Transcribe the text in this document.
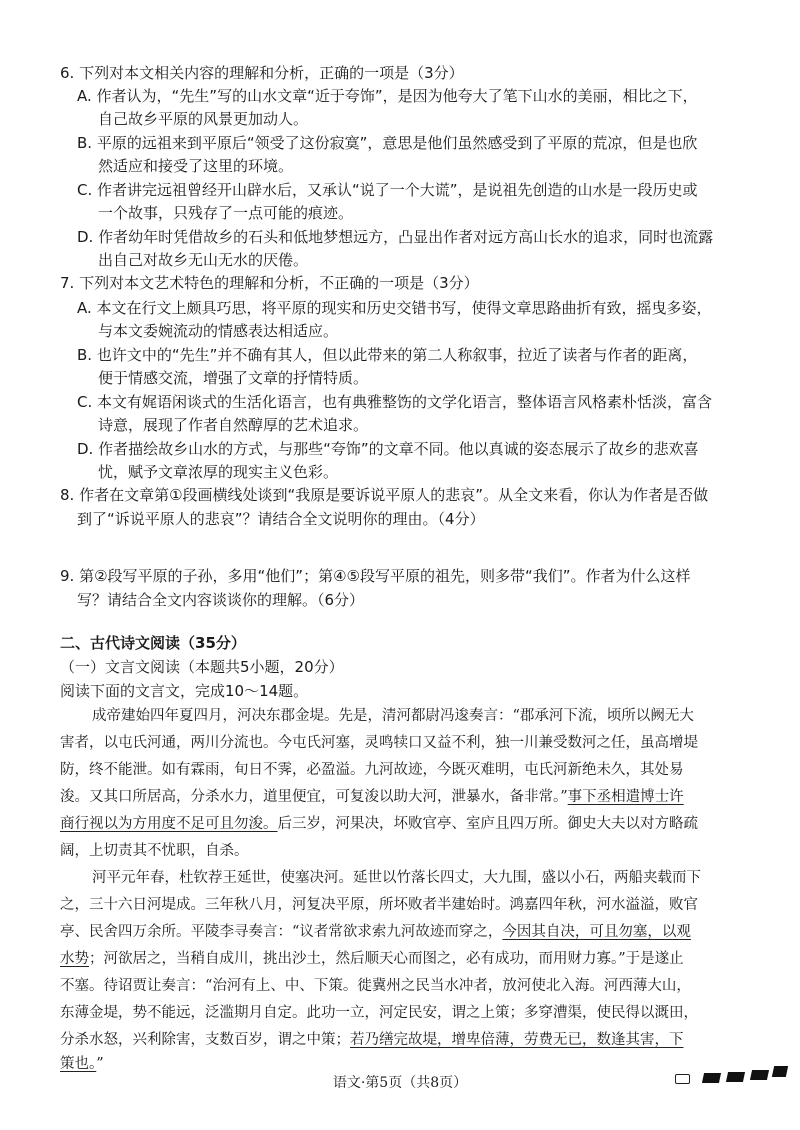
6. 下列对本文相关内容的理解和分析，正确的一项是（3分）
A. 作者认为，“先生”写的山水文章“近于夸饰”，是因为他夸大了笔下山水的美丽，相比之下，
自己故乡平原的风景更加动人。
B. 平原的远祖来到平原后“领受了这份寂寞”，意思是他们虽然感受到了平原的荒凉，但是也欣
然适应和接受了这里的环境。
C. 作者讲完远祖曾经开山辟水后，又承认“说了一个大谎”，是说祖先创造的山水是一段历史或
一个故事，只残存了一点可能的痕迹。
D. 作者幼年时凭借故乡的石头和低地梦想远方，凸显出作者对远方高山长水的追求，同时也流露
出自己对故乡无山无水的厌倦。
7. 下列对本文艺术特色的理解和分析，不正确的一项是（3分）
A. 本文在行文上颇具巧思，将平原的现实和历史交错书写，使得文章思路曲折有致，摇曳多姿，
与本文委婉流动的情感表达相适应。
B. 也许文中的“先生”并不确有其人，但以此带来的第二人称叙事，拉近了读者与作者的距离，
便于情感交流，增强了文章的抒情特质。
C. 本文有娓语闲谈式的生活化语言，也有典雅整饬的文学化语言，整体语言风格素朴恬淡，富含
诗意，展现了作者自然醇厚的艺术追求。
D. 作者描绘故乡山水的方式，与那些“夸饰”的文章不同。他以真诚的姿态展示了故乡的悲欢喜
忧，赋予文章浓厚的现实主义色彩。
8. 作者在文章第①段画横线处谈到“我原是要诉说平原人的悲哀”。从全文来看，你认为作者是否做
到了“诉说平原人的悲哀”？请结合全文说明你的理由。（4分）
9. 第②段写平原的子孙，多用“他们”；第④⑤段写平原的祖先，则多带“我们”。作者为什么这样
写？请结合全文内容谈谈你的理解。（6分）
二、古代诗文阅读（35分）
（一）文言文阅读（本题共5小题，20分）
阅读下面的文言文，完成10～14题。
成帝建始四年夏四月，河决东郡金堤。先是，清河都尉冯逡奏言：“郡承河下流，顷所以阙无大
害者，以屯氏河通，两川分流也。今屯氏河塞，灵鸣犊口又益不利，独一川兼受数河之任，虽高增堤
防，终不能泄。如有霖雨，旬日不霁，必盈溢。九河故迹，今既灭难明，屯氏河新绝未久，其处易
浚。又其口所居高，分杀水力，道里便宜，可复浚以助大河，泄暴水，备非常。”事下丞相遣博士许
商行视以为方用度不足可且勿浚。后三岁，河果决，坏败官亭、室庐且四万所。御史大夫以对方略疏
阔，上切责其不忧职，自杀。
河平元年春，杜钦荐王延世，使塞决河。延世以竹落长四丈，大九围，盛以小石，两船夹载而下
之，三十六日河堤成。三年秋八月，河复决平原，所坏败者半建始时。鸿嘉四年秋，河水溢溢，败官
亭、民舍四万余所。平陵李寻奏言：“议者常欲求索九河故迹而穿之，今因其自决，可且勿塞，以观
水势；河欲居之，当稍自成川，挑出沙土，然后顺天心而图之，必有成功，而用财力寡。”于是遂止
不塞。待诏贾让奏言：“治河有上、中、下策。徙冀州之民当水冲者，放河使北入海。河西薄大山，
东薄金堤，势不能远，泛滥期月自定。此功一立，河定民安，谓之上策；多穿漕渠，使民得以溉田，
分杀水怒，兴利除害，支数百岁，谓之中策；若乃缮完故堤，增卑倍薄，劳费无已，数逢其害，下
策也。”
语文·第5页（共8页）
